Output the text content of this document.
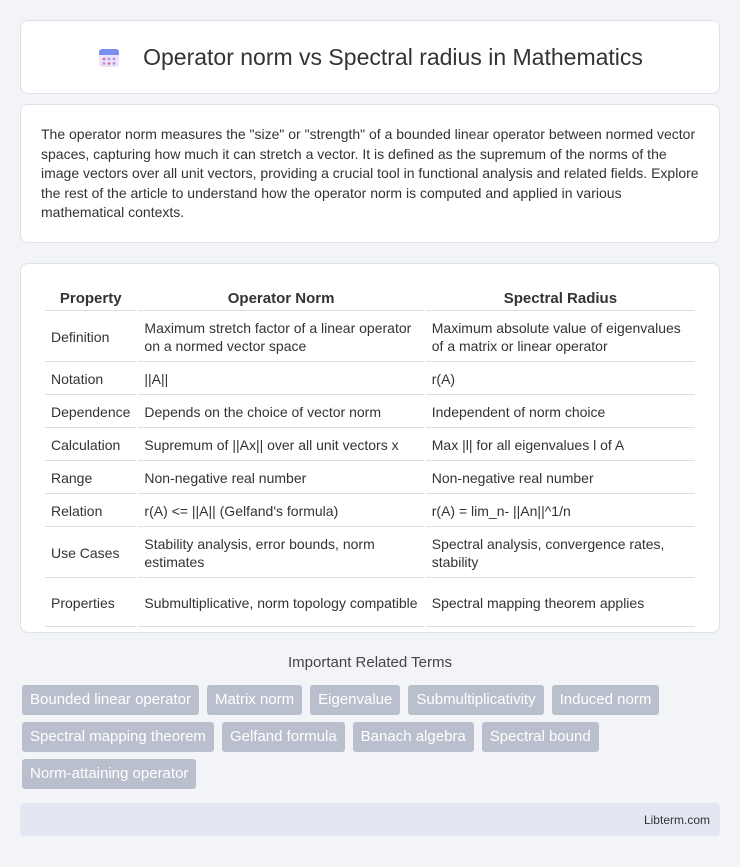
Operator norm vs Spectral radius in Mathematics

The operator norm measures the "size" or "strength" of a bounded linear operator between normed vector spaces, capturing how much it can stretch a vector. It is defined as the supremum of the norms of the image vectors over all unit vectors, providing a crucial tool in functional analysis and related fields. Explore the rest of the article to understand how the operator norm is computed and applied in various mathematical contexts.

Property	Operator Norm	Spectral Radius
Definition	Maximum stretch factor of a linear operator on a normed vector space	Maximum absolute value of eigenvalues of a matrix or linear operator
Notation	||A||	r(A)
Dependence	Depends on the choice of vector norm	Independent of norm choice
Calculation	Supremum of ||Ax|| over all unit vectors x	Max |l| for all eigenvalues l of A
Range	Non-negative real number	Non-negative real number
Relation	r(A) <= ||A|| (Gelfand's formula)	r(A) = lim_n- ||An||^1/n
Use Cases	Stability analysis, error bounds, norm estimates	Spectral analysis, convergence rates, stability
Properties	Submultiplicative, norm topology compatible	Spectral mapping theorem applies
Important Related Terms
Bounded linear operator	Matrix norm	Eigenvalue	Submultiplicativity	Induced norm
Spectral mapping theorem	Gelfand formula	Banach algebra	Spectral bound
Norm-attaining operator
Libterm.com
